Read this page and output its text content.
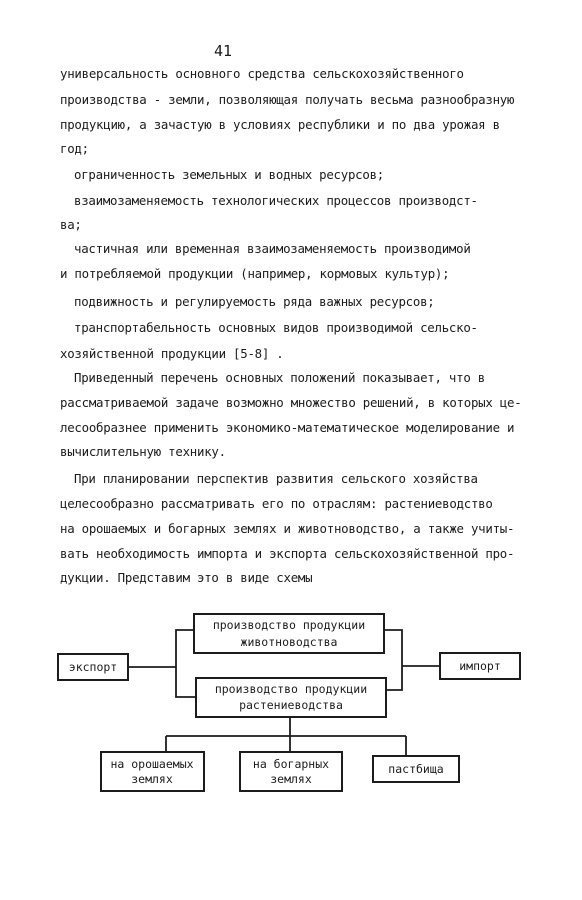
41
универсальность основного средства сельскохозяйственного
производства - земли, позволяющая получать весьма разнообразную
продукцию, а зачастую в условиях республики и по два урожая в
год;
ограниченность земельных и водных ресурсов;
взаимозаменяемость технологических процессов производст-
ва;
частичная или временная взаимозаменяемость производимой
и потребляемой продукции (например, кормовых культур);
подвижность и регулируемость ряда важных ресурсов;
транспортабельность основных видов производимой сельско-
хозяйственной продукции [5-8] .
Приведенный перечень основных положений показывает, что в
рассматриваемой задаче возможно множество решений, в которых це-
лесообразнее применить экономико-математическое моделирование и
вычислительную технику.
При планировании перспектив развития сельского хозяйства
целесообразно рассматривать его по отраслям: растениеводство
на орошаемых и богарных землях и животноводство, а также учиты-
вать необходимость импорта и экспорта сельскохозяйственной про-
дукции. Представим это в виде схемы
производство продукции
животноводства
производство продукции
растениеводства
экспорт	импорт
на орошаемых
землях
на богарных
землях
пастбища
